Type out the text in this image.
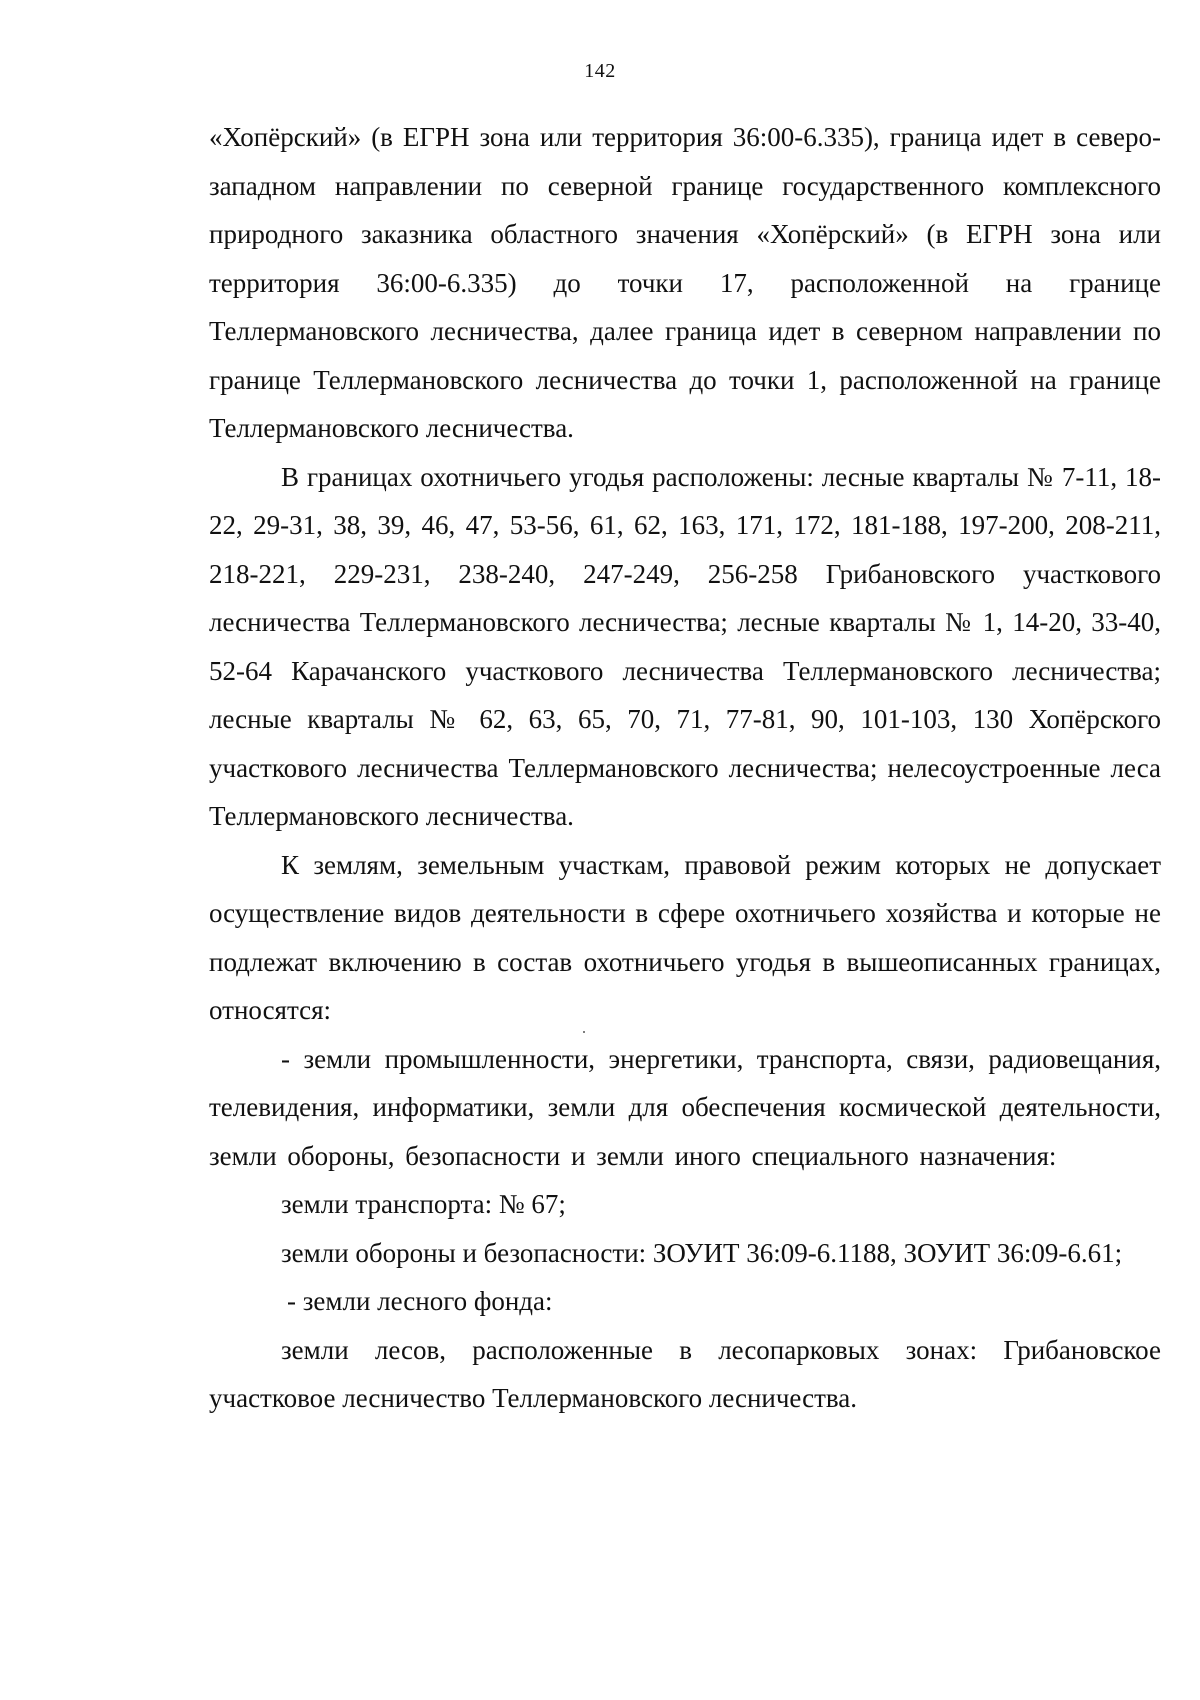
142

«Хопёрский» (в ЕГРН зона или территория 36:00-6.335), граница идет в северо-западном направлении по северной границе государственного комплексного природного заказника областного значения «Хопёрский» (в ЕГРН зона или территория 36:00-6.335) до точки 17, расположенной на границе Теллермановского лесничества, далее граница идет в северном направлении по границе Теллермановского лесничества до точки 1, расположенной на границе Теллермановского лесничества.

В границах охотничьего угодья расположены: лесные кварталы № 7-11, 18-22, 29-31, 38, 39, 46, 47, 53-56, 61, 62, 163, 171, 172, 181-188, 197-200, 208-211, 218-221, 229-231, 238-240, 247-249, 256-258 Грибановского участкового лесничества Теллермановского лесничества; лесные кварталы № 1, 14-20, 33-40, 52-64 Карачанского участкового лесничества Теллермановского лесничества; лесные кварталы № 62, 63, 65, 70, 71, 77-81, 90, 101-103, 130 Хопёрского участкового лесничества Теллермановского лесничества; нелесоустроенные леса Теллермановского лесничества.

К землям, земельным участкам, правовой режим которых не допускает осуществление видов деятельности в сфере охотничьего хозяйства и которые не подлежат включению в состав охотничьего угодья в вышеописанных границах, относятся:

- земли промышленности, энергетики, транспорта, связи, радиовещания, телевидения, информатики, земли для обеспечения космической деятельности, земли обороны, безопасности и земли иного специального назначения:

земли транспорта: № 67;

земли обороны и безопасности: ЗОУИТ 36:09-6.1188, ЗОУИТ 36:09-6.61;

- земли лесного фонда:

земли лесов, расположенные в лесопарковых зонах: Грибановское участковое лесничество Теллермановского лесничества.
